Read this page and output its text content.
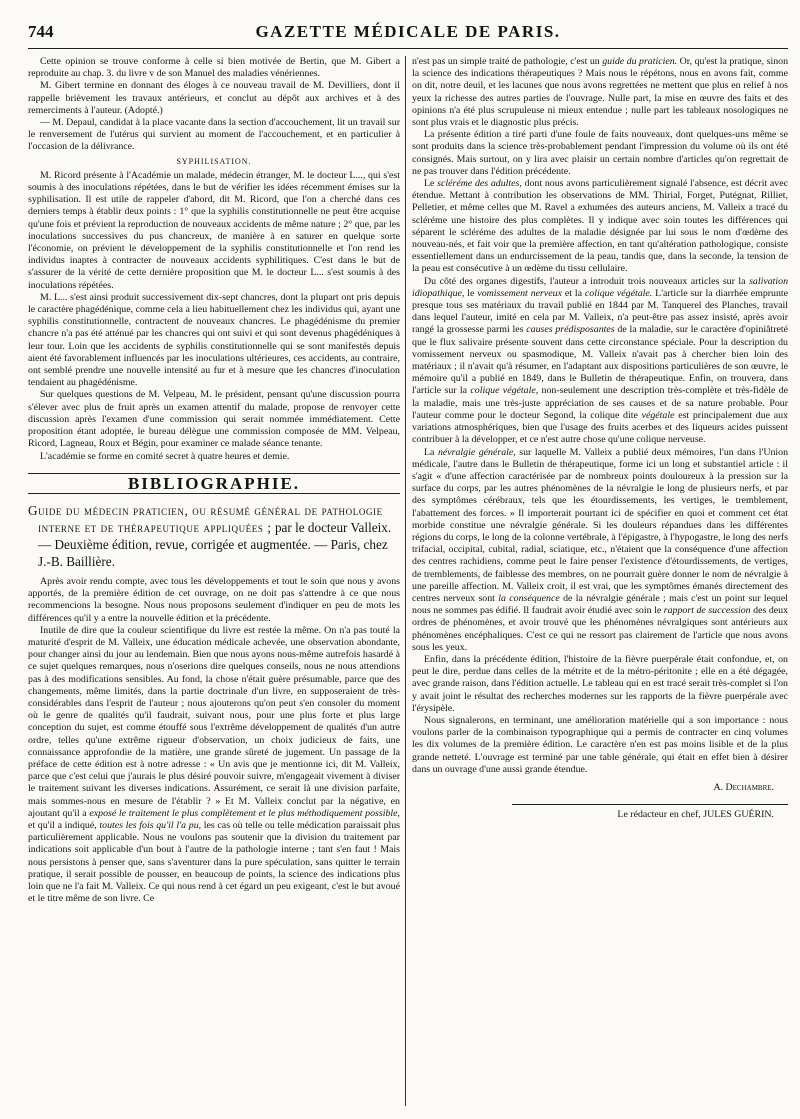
744	GAZETTE MÉDICALE DE PARIS.

Cette opinion se trouve conforme à celle si bien motivée de Bertin, que M. Gibert a reproduite au chap. 3. du livre v de son Manuel des maladies vénériennes.

M. Gibert termine en donnant des éloges à ce nouveau travail de M. Devilliers, dont il rappelle brièvement les travaux antérieurs, et conclut au dépôt aux archives et à des remerciments à l'auteur. (Adopté.)

— M. Depaul, candidat à la place vacante dans la section d'accouchement, lit un travail sur le renversement de l'utérus qui survient au moment de l'accouchement, et en particulier à l'occasion de la délivrance.

SYPHILISATION.

M. Ricord présente à l'Académie un malade, médecin étranger, M. le docteur L..., qui s'est soumis à des inoculations répétées, dans le but de vérifier les idées récemment émises sur la syphilisation. Il est utile de rappeler d'abord, dit M. Ricord, que l'on a cherché dans ces derniers temps à établir deux points : 1° que la syphilis constitutionnelle ne peut être acquise qu'une fois et prévient la reproduction de nouveaux accidents de même nature ; 2° que, par les inoculations successives du pus chancreux, de manière à en saturer en quelque sorte l'économie, on prévient le développement de la syphilis constitutionnelle et l'on rend les individus inaptes à contracter de nouveaux accidents syphilitiques. C'est dans le but de s'assurer de la vérité de cette dernière proposition que M. le docteur L... s'est soumis à des inoculations répétées.

M. L... s'est ainsi produit successivement dix-sept chancres, dont la plupart ont pris depuis le caractère phagédénique, comme cela a lieu habituellement chez les individus qui, ayant une syphilis constitutionnelle, contractent de nouveaux chancres. Le phagédénisme du premier chancre n'a pas été atténué par les chancres qui ont suivi et qui sont devenus phagédéniques à leur tour. Loin que les accidents de syphilis constitutionnelle qui se sont manifestés depuis aient été favorablement influencés par les inoculations ultérieures, ces accidents, au contraire, ont semblé prendre une nouvelle intensité au fur et à mesure que les chancres d'inoculation tendaient au phagédénisme.

Sur quelques questions de M. Velpeau, M. le président, pensant qu'une discussion pourra s'élever avec plus de fruit après un examen attentif du malade, propose de renvoyer cette discussion après l'examen d'une commission qui serait nommée immédiatement. Cette proposition étant adoptée, le bureau délègue une commission composée de MM. Velpeau, Ricord, Lagneau, Roux et Bégin, pour examiner ce malade séance tenante.

L'académie se forme en comité secret à quatre heures et demie.

BIBLIOGRAPHIE.

Guide du médecin praticien, ou résumé général de pathologie interne et de thérapeutique appliquées ; par le docteur Valleix. — Deuxième édition, revue, corrigée et augmentée. — Paris, chez J.-B. Baillière.

Après avoir rendu compte, avec tous les développements et tout le soin que nous y avons apportés, de la première édition de cet ouvrage, on ne doit pas s'attendre à ce que nous recommencions la besogne. Nous nous proposons seulement d'indiquer en peu de mots les différences qu'il y a entre la nouvelle édition et la précédente.

Inutile de dire que la couleur scientifique du livre est restée la même. On n'a pas touté la maturité d'esprit de M. Valleix, une éducation médicale achevée, une observation abondante, pour changer ainsi du jour au lendemain. Bien que nous ayons nous-même autrefois hasardé à ce sujet quelques remarques, nous n'oserions dire quelques conseils, nous ne nous attendions pas à des modifications sensibles. Au fond, la chose n'était guère présumable, parce que des changements, même limités, dans la partie doctrinale d'un livre, en supposeraient de très-considérables dans l'esprit de l'auteur ; nous ajouterons qu'on peut s'en consoler du moment où le genre de qualités qu'il faudrait, suivant nous, pour une plus forte et plus large conception du sujet, est comme étouffé sous l'extrême développement de qualités d'un autre ordre, telles qu'une extrême rigueur d'observation, un choix judicieux de faits, une connaissance approfondie de la matière, une grande sûreté de jugement. Un passage de la préface de cette édition est à notre adresse : « Un avis que je mentionne ici, dit M. Valleix, parce que c'est celui que j'aurais le plus désiré pouvoir suivre, m'engageait vivement à diviser le traitement suivant les diverses indications. Assurément, ce serait là une division parfaite, mais sommes-nous en mesure de l'établir ? » Et M. Valleix conclut par la négative, en ajoutant qu'il a exposé le traitement le plus complètement et le plus méthodiquement possible, et qu'il a indiqué, toutes les fois qu'il l'a pu, les cas où telle ou telle médication paraissait plus particulièrement applicable. Nous ne voulons pas soutenir que la division du traitement par indications soit applicable d'un bout à l'autre de la pathologie interne ; tant s'en faut ! Mais nous persistons à penser que, sans s'aventurer dans la pure spéculation, sans quitter le terrain pratique, il serait possible de pousser, en beaucoup de points, la science des indications plus loin que ne l'a fait M. Valleix. Ce qui nous rend à cet égard un peu exigeant, c'est le but avoué et le titre même de son livre. Ce

n'est pas un simple traité de pathologie, c'est un guide du praticien. Or, qu'est la pratique, sinon la science des indications thérapeutiques ? Mais nous le répétons, nous en avons fait, comme on dit, notre deuil, et les lacunes que nous avons regrettées ne mettent que plus en relief à nos yeux la richesse des autres parties de l'ouvrage. Nulle part, la mise en œuvre des faits et des opinions n'a été plus scrupuleuse ni mieux entendue ; nulle part les tableaux nosologiques ne sont plus vrais et le diagnostic plus précis.

La présente édition a tiré parti d'une foule de faits nouveaux, dont quelques-uns même se sont produits dans la science très-probablement pendant l'impression du volume où ils ont été consignés. Mais surtout, on y lira avec plaisir un certain nombre d'articles qu'on regrettait de ne pas trouver dans l'édition précédente.

Le scléréme des adultes, dont nous avons particulièrement signalé l'absence, est décrit avec étendue. Mettant à contribution les observations de MM. Thirial, Forget, Putégnat, Rilliet, Pelletier, et même celles que M. Ravel a exhumées des auteurs anciens, M. Valleix a tracé du scléréme une histoire des plus complètes. Il y indique avec soin toutes les différences qui séparent le scléréme des adultes de la maladie désignée par lui sous le nom d'œdème des nouveau-nés, et fait voir que la première affection, en tant qu'altération pathologique, consiste essentiellement dans un endurcissement de la peau, tandis que, dans la seconde, la tension de la peau est consécutive à un œdème du tissu cellulaire.

Du côté des organes digestifs, l'auteur a introduit trois nouveaux articles sur la salivation idiopathique, le vomissement nerveux et la colique végétale. L'article sur la diarrhée emprunte presque tous ses matériaux du travail publié en 1844 par M. Tanquerel des Planches, travail dans lequel l'auteur, imité en cela par M. Valleix, n'a peut-être pas assez insisté, après avoir rangé la grossesse parmi les causes prédisposantes de la maladie, sur le caractère d'opiniâtreté que le flux salivaire présente souvent dans cette circonstance spéciale. Pour la description du vomissement nerveux ou spasmodique, M. Valleix n'avait pas à chercher bien loin des matériaux ; il n'avait qu'à résumer, en l'adaptant aux dispositions particulières de son œuvre, le mémoire qu'il a publié en 1849, dans le Bulletin de thérapeutique. Enfin, on trouvera, dans l'article sur la colique végétale, non-seulement une description très-complète et très-fidèle de la maladie, mais une très-juste appréciation de ses causes et de sa nature probable. Pour l'auteur comme pour le docteur Segond, la colique dite végétale est principalement due aux variations atmosphériques, bien que l'usage des fruits acerbes et des liqueurs acides puissent contribuer à la développer, et ce n'est autre chose qu'une colique nerveuse.

La névralgie générale, sur laquelle M. Valleix a publié deux mémoires, l'un dans l'Union médicale, l'autre dans le Bulletin de thérapeutique, forme ici un long et substantiel article : il s'agit « d'une affection caractérisée par de nombreux points douloureux à la pression sur la surface du corps, par les autres phénomènes de la névralgie le long de plusieurs nerfs, et par des symptômes cérébraux, tels que les étourdissements, les vertiges, le tremblement, l'abattement des forces. » Il importerait pourtant ici de spécifier en quoi et comment cet état morbide constitue une névralgie générale. Si les douleurs répandues dans les différentes régions du corps, le long de la colonne vertébrale, à l'épigastre, à l'hypogastre, le long des nerfs trifacial, occipital, cubital, radial, sciatique, etc., n'étaient que la conséquence d'une affection des centres rachidiens, comme peut le faire penser l'existence d'étourdissements, de vertiges, de tremblements, de faiblesse des membres, on ne pourrait guère donner le nom de névralgie à une pareille affection. M. Valleix croit, il est vrai, que les symptômes émanés directement des centres nerveux sont la conséquence de la névralgie générale ; mais c'est un point sur lequel nous ne sommes pas édifié. Il faudrait avoir étudié avec soin le rapport de succession des deux ordres de phénomènes, et avoir trouvé que les phénomènes névralgiques sont antérieurs aux phénomènes encéphaliques. C'est ce qui ne ressort pas clairement de l'article que nous avons sous les yeux.

Enfin, dans la précédente édition, l'histoire de la fièvre puerpérale était confondue, et, on peut le dire, perdue dans celles de la métrite et de la métro-péritonite ; elle en a été dégagée, avec grande raison, dans l'édition actuelle. Le tableau qui en est tracé serait très-complet si l'on y avait joint le résultat des recherches modernes sur les rapports de la fièvre puerpérale avec l'érysipèle.

Nous signalerons, en terminant, une amélioration matérielle qui a son importance : nous voulons parler de la combinaison typographique qui a permis de contracter en cinq volumes les dix volumes de la première édition. Le caractère n'en est pas moins lisible et de la plus grande netteté. L'ouvrage est terminé par une table générale, qui était en effet bien à désirer dans un ouvrage d'une aussi grande étendue.

A. Dechambre.
Le rédacteur en chef, JULES GUÉRIN.
